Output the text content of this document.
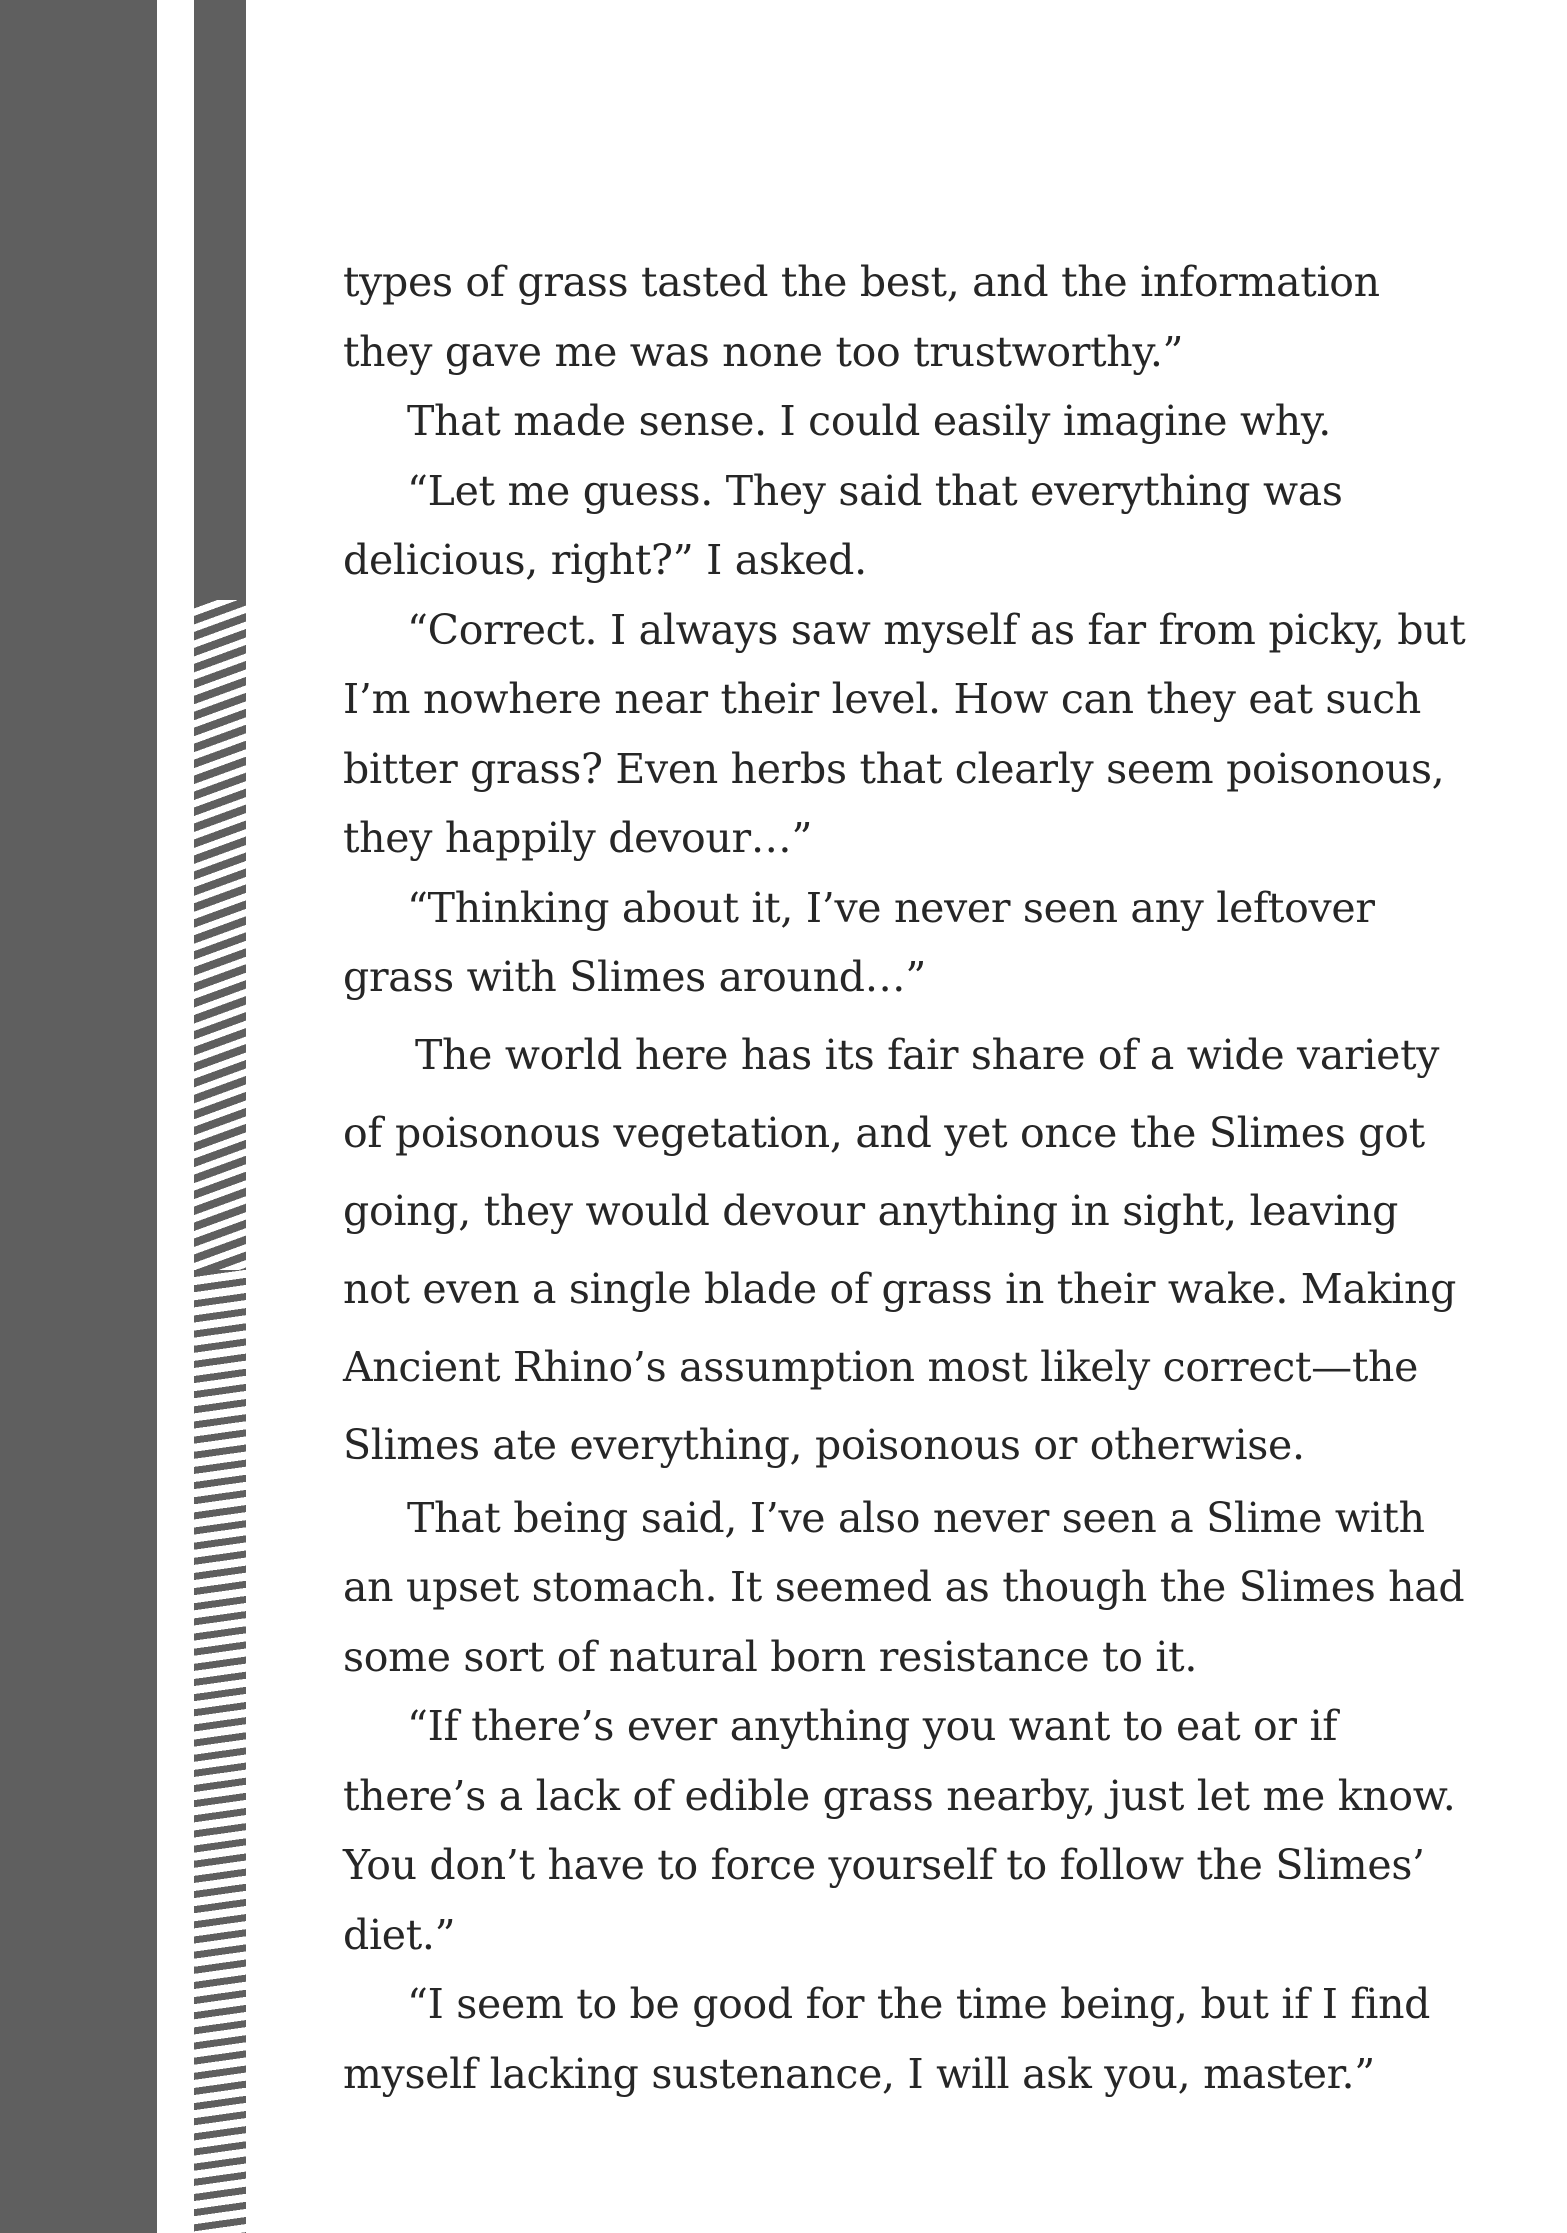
types of grass tasted the best, and the information they gave me was none too trustworthy.”

That made sense. I could easily imagine why.

“Let me guess. They said that everything was delicious, right?” I asked.

“Correct. I always saw myself as far from picky, but I’m nowhere near their level. How can they eat such bitter grass? Even herbs that clearly seem poisonous, they happily devour…”

“Thinking about it, I’ve never seen any leftover grass with Slimes around…”

The world here has its fair share of a wide variety of poisonous vegetation, and yet once the Slimes got going, they would devour anything in sight, leaving not even a single blade of grass in their wake. Making Ancient Rhino’s assumption most likely correct—the Slimes ate everything, poisonous or otherwise.

That being said, I’ve also never seen a Slime with an upset stomach. It seemed as though the Slimes had some sort of natural born resistance to it.

“If there’s ever anything you want to eat or if there’s a lack of edible grass nearby, just let me know. You don’t have to force yourself to follow the Slimes’ diet.”

“I seem to be good for the time being, but if I find myself lacking sustenance, I will ask you, master.”
